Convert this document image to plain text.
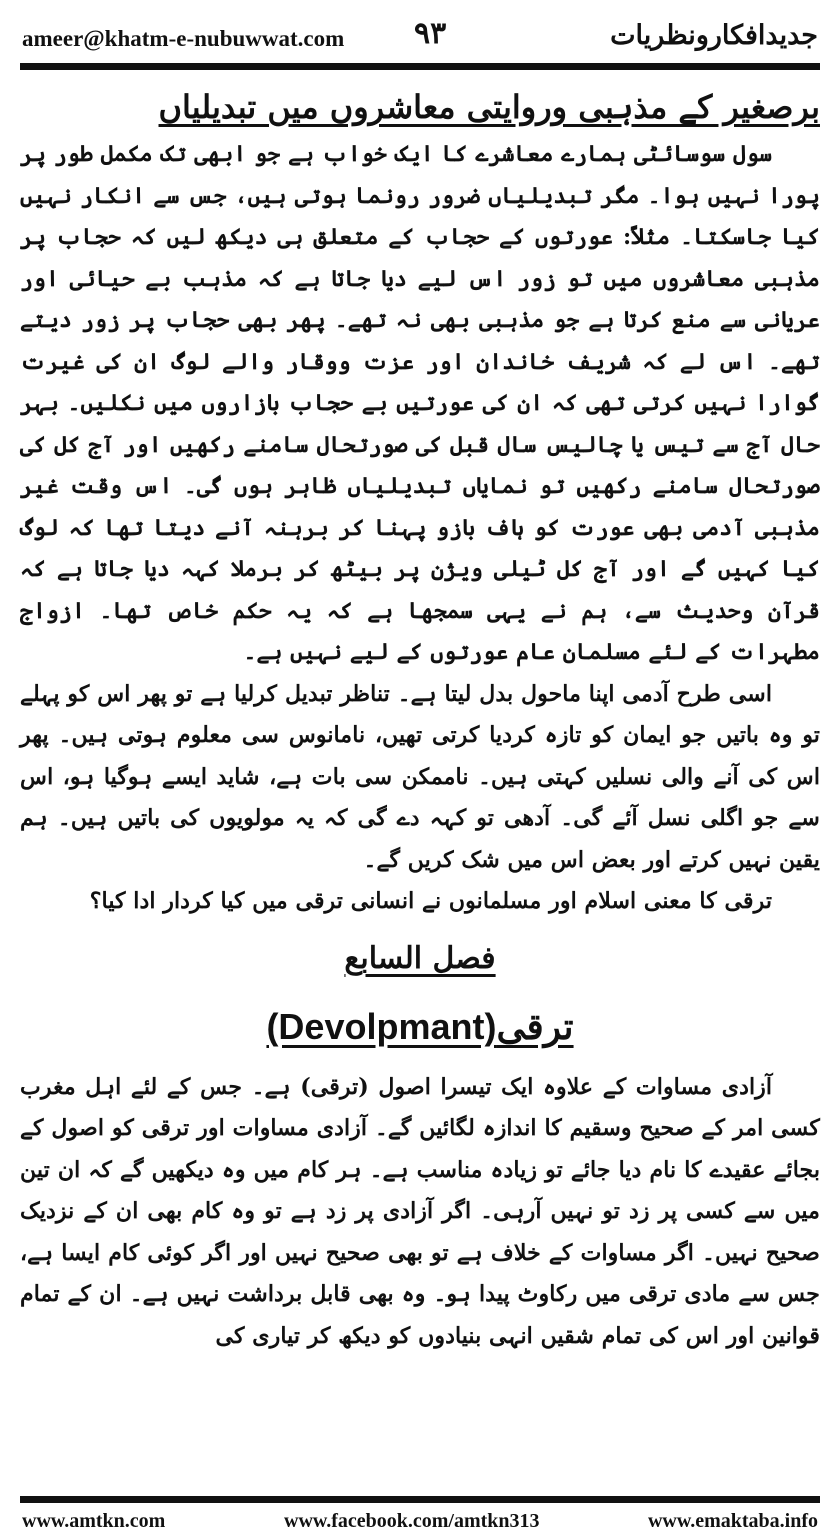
ameer@khatm-e-nubuwwat.com ۹۳	جدیدافکارونظریات
برصغیر کے مذہبی وروایتی معاشروں میں تبدیلیاں

سول سوسائٹی ہمارے معاشرے کا ایک خواب ہے جو ابھی تک مکمل طور پر پورا نہیں ہوا۔ مگر تبدیلیاں ضرور رونما ہوتی ہیں، جس سے انکار نہیں کیا جاسکتا۔ مثلاً: عورتوں کے حجاب کے متعلق ہی دیکھ لیں کہ حجاب پر مذہبی معاشروں میں تو زور اس لیے دیا جاتا ہے کہ مذہب بے حیائی اور عریانی سے منع کرتا ہے جو مذہبی بھی نہ تھے۔ پھر بھی حجاب پر زور دیتے تھے۔ اس لے کہ شریف خاندان اور عزت ووقار والے لوگ ان کی غیرت گوارا نہیں کرتی تھی کہ ان کی عورتیں بے حجاب بازاروں میں نکلیں۔ بہر حال آج سے تیس یا چالیس سال قبل کی صورتحال سامنے رکھیں اور آج کل کی صورتحال سامنے رکھیں تو نمایاں تبدیلیاں ظاہر ہوں گی۔ اس وقت غیر مذہبی آدمی بھی عورت کو ہاف بازو پہنا کر برہنہ آنے دیتا تھا کہ لوگ کیا کہیں گے اور آج کل ٹیلی ویژن پر بیٹھ کر برملا کہہ دیا جاتا ہے کہ قرآن وحدیث سے، ہم نے یہی سمجھا ہے کہ یہ حکم خاص تھا۔ ازواج مطہرات کے لئے مسلمان عام عورتوں کے لیے نہیں ہے۔

اسی طرح آدمی اپنا ماحول بدل لیتا ہے۔ تناظر تبدیل کرلیا ہے تو پھر اس کو پہلے تو وہ باتیں جو ایمان کو تازہ کردیا کرتی تھیں، نامانوس سی معلوم ہوتی ہیں۔ پھر اس کی آنے والی نسلیں کہتی ہیں۔ ناممکن سی بات ہے، شاید ایسے ہوگیا ہو، اس سے جو اگلی نسل آئے گی۔ آدھی تو کہہ دے گی کہ یہ مولویوں کی باتیں ہیں۔ ہم یقین نہیں کرتے اور بعض اس میں شک کریں گے۔

ترقی کا معنی اسلام اور مسلمانوں نے انسانی ترقی میں کیا کردار ادا کیا؟

فصل السابع
ترقی(Devolpmant)

آزادی مساوات کے علاوہ ایک تیسرا اصول (ترقی) ہے۔ جس کے لئے اہل مغرب کسی امر کے صحیح وسقیم کا اندازہ لگائیں گے۔ آزادی مساوات اور ترقی کو اصول کے بجائے عقیدے کا نام دیا جائے تو زیادہ مناسب ہے۔ ہر کام میں وہ دیکھیں گے کہ ان تین میں سے کسی پر زد تو نہیں آرہی۔ اگر آزادی پر زد ہے تو وہ کام بھی ان کے نزدیک صحیح نہیں۔ اگر مساوات کے خلاف ہے تو بھی صحیح نہیں اور اگر کوئی کام ایسا ہے، جس سے مادی ترقی میں رکاوٹ پیدا ہو۔ وہ بھی قابل برداشت نہیں ہے۔ ان کے تمام قوانین اور اس کی تمام شقیں انہی بنیادوں کو دیکھ کر تیاری کی

www.amtkn.com	www.facebook.com/amtkn313	www.emaktaba.info
